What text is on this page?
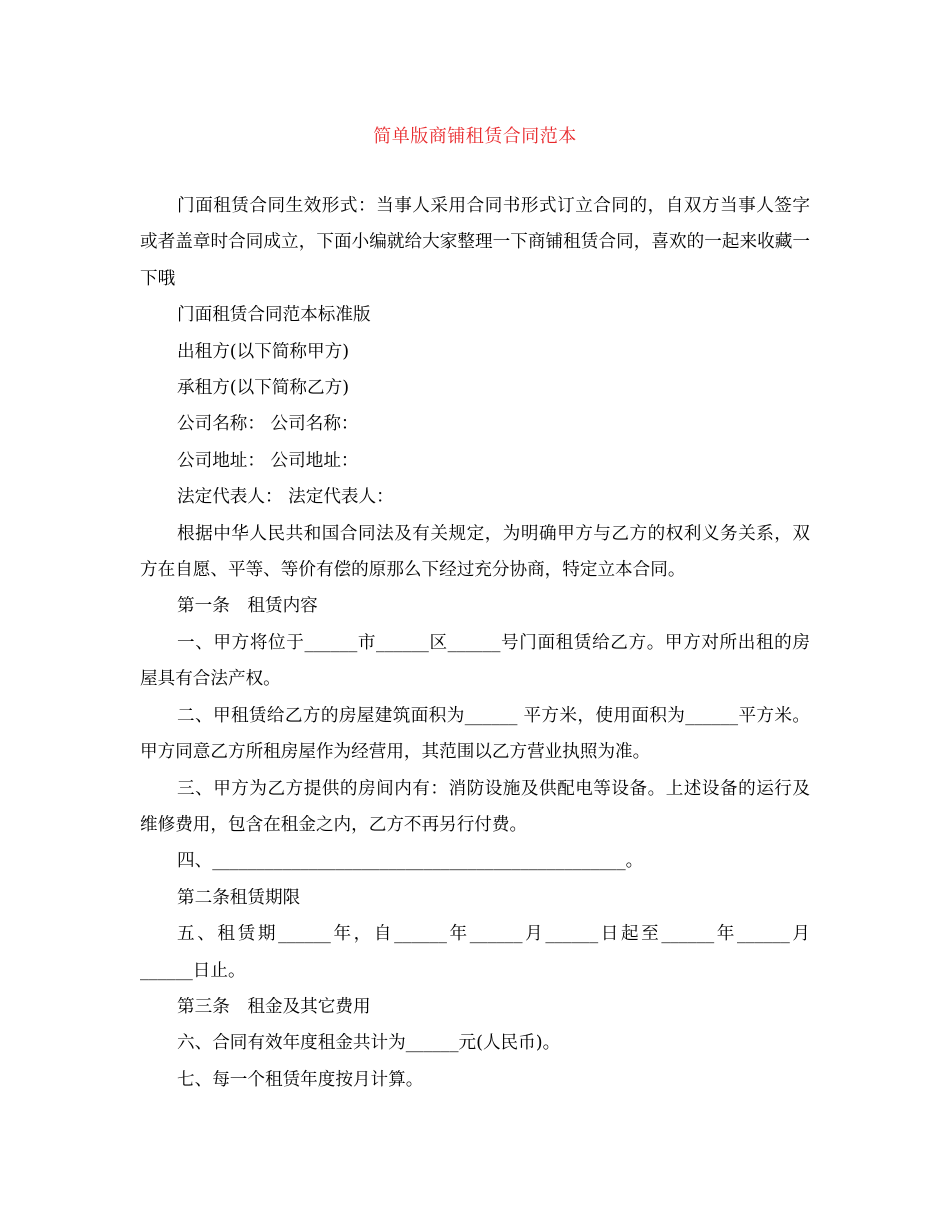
简单版商铺租赁合同范本

门面租赁合同生效形式：当事人采用合同书形式订立合同的，自双方当事人签字或者盖章时合同成立，下面小编就给大家整理一下商铺租赁合同，喜欢的一起来收藏一下哦

门面租赁合同范本标准版

出租方(以下简称甲方)

承租方(以下简称乙方)

公司名称： 公司名称：

公司地址： 公司地址：

法定代表人： 法定代表人：

根据中华人民共和国合同法及有关规定，为明确甲方与乙方的权利义务关系，双方在自愿、平等、等价有偿的原那么下经过充分协商，特定立本合同。

第一条　租赁内容

一、甲方将位于______市______区______号门面租赁给乙方。甲方对所出租的房屋具有合法产权。

二、甲租赁给乙方的房屋建筑面积为______ 平方米，使用面积为______平方米。甲方同意乙方所租房屋作为经营用，其范围以乙方营业执照为准。

三、甲方为乙方提供的房间内有：消防设施及供配电等设备。上述设备的运行及维修费用，包含在租金之内，乙方不再另行付费。

四、_______________________________________________。

第二条租赁期限

五、租赁期______年，自______年______月______日起至______年______月______日止。

第三条　租金及其它费用

六、合同有效年度租金共计为______元(人民币)。

七、每一个租赁年度按月计算。
